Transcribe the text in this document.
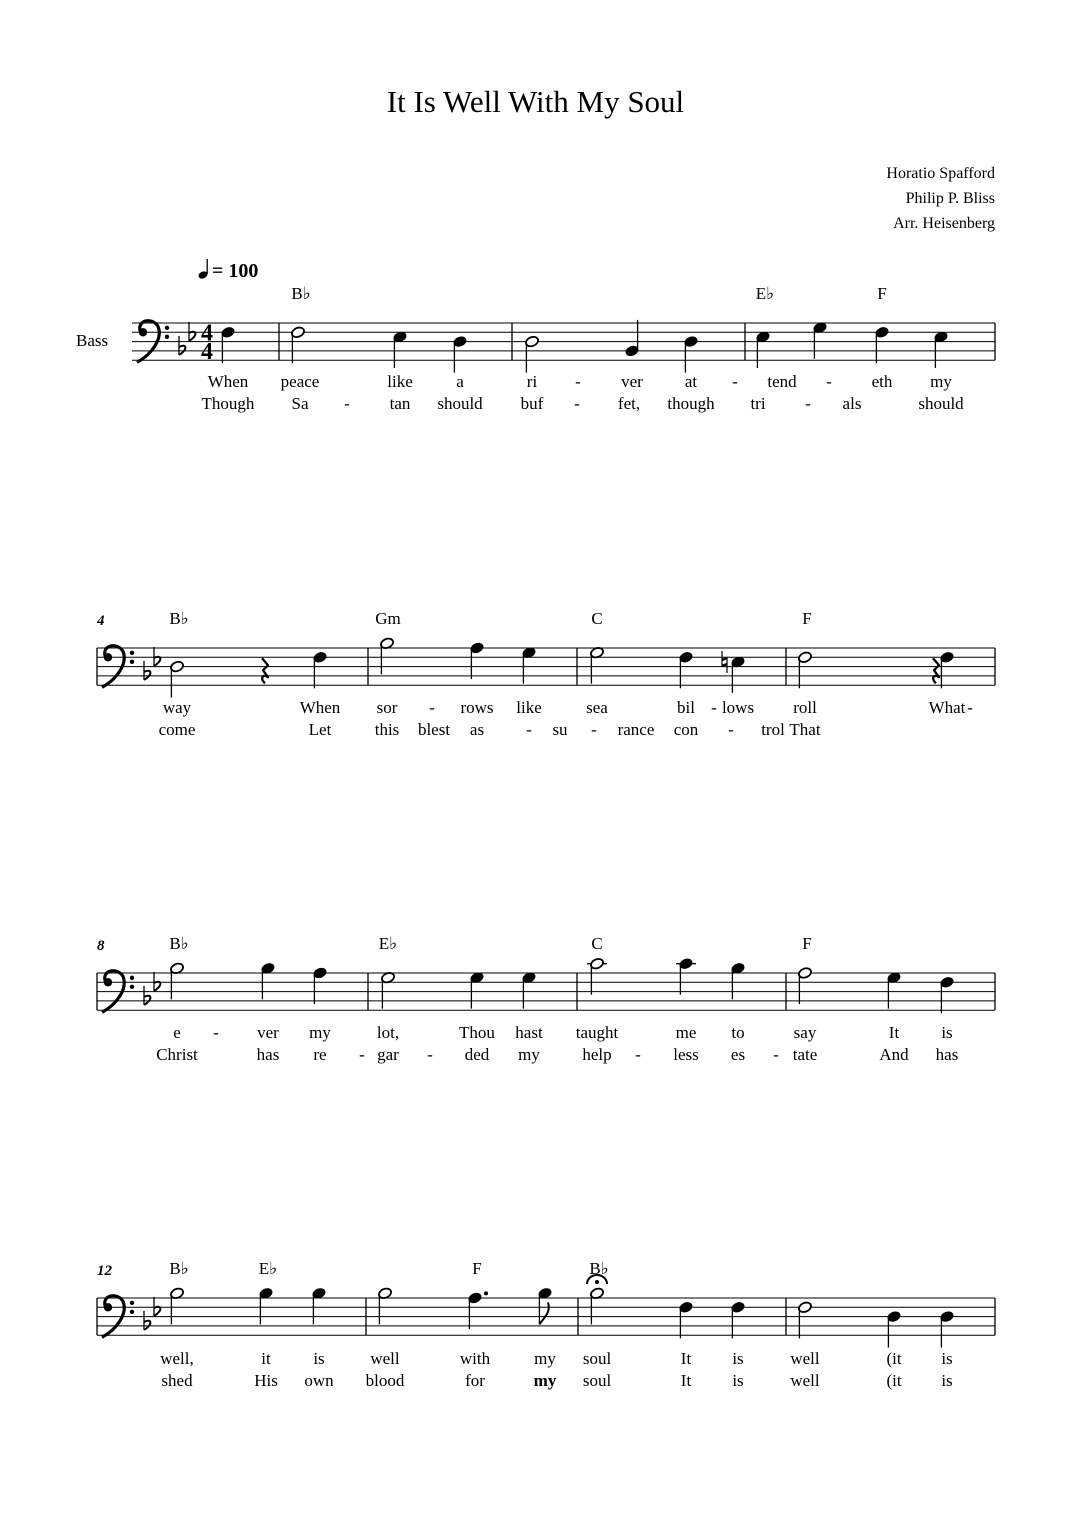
It Is Well With My Soul
Horatio Spafford
Philip P. Bliss
Arr. Heisenberg
= 100
Bass	4
4
B♭	E♭	F
When peace	like	a	ri - ver at - tend - eth my
Though Sa - tan should buf - fet, though tri - als	should
4	B♭	Gm	C	F
way	When sor - rows like	sea	bil - lows roll	What -
come	Let	this blest as - su - rance con - trol That
8	B♭	E♭	C	F
e - ver my	lot,	Thou hast taught	me to	say	It is
Christ	has re - gar - ded my help - less es - tate	And has
12	B♭	E♭	F	B♭
well,	it	is	well	with	my soul	It is	well	(it is
shed	His own blood	for	my soul	It is	well	(it is
